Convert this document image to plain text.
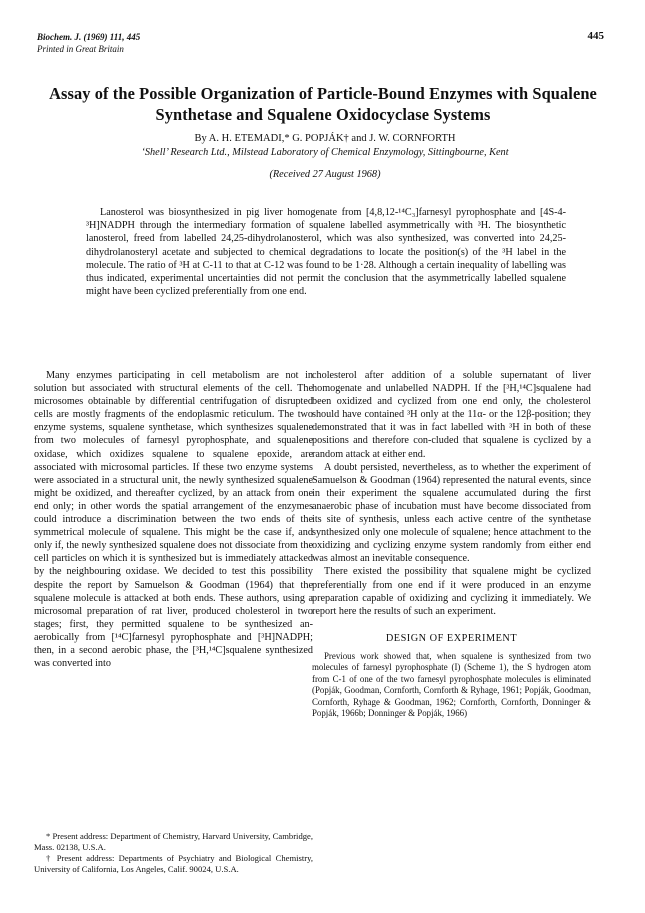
Biochem. J. (1969) 111, 445
Printed in Great Britain
445
Assay of the Possible Organization of Particle-Bound Enzymes with Squalene Synthetase and Squalene Oxidocyclase Systems
By A. H. ETEMADI,* G. POPJÁK† and J. W. CORNFORTH
‘Shell’ Research Ltd., Milstead Laboratory of Chemical Enzymology, Sittingbourne, Kent
(Received 27 August 1968)

Lanosterol was biosynthesized in pig liver homogenate from [4,8,12-¹⁴C₃]farnesyl pyrophosphate and [4S-4-³H]NADPH through the intermediary formation of squalene labelled asymmetrically with ³H. The biosynthetic lanosterol, freed from labelled 24,25-dihydrolanosterol, which was also synthesized, was converted into 24,25-dihydrolanosteryl acetate and subjected to chemical degradations to locate the position(s) of the ³H label in the molecule. The ratio of ³H at C-11 to that at C-12 was found to be 1·28. Although a certain inequality of labelling was thus indicated, experimental uncertainties did not permit the conclusion that the asymmetrically labelled squalene might have been cyclized preferentially from one end.

Many enzymes participating in cell metabolism are not in solution but associated with structural elements of the cell. The microsomes obtainable by differential centrifugation of disrupted cells are mostly fragments of the endoplasmic reticulum. The two enzyme systems, squalene synthetase, which synthesizes squalene from two molecules of farnesyl pyrophosphate, and squalene oxidase, which oxidizes squalene to squalene epoxide, are associated with microsomal particles. If these two enzyme systems were associated in a structural unit, the newly synthesized squalene might be oxidized, and thereafter cyclized, by an attack from one end only; in other words the spatial arrangement of the enzymes could introduce a discrimination between the two ends of the symmetrical molecule of squalene. This might be the case if, and only if, the newly synthesized squalene does not dissociate from the cell particles on which it is synthesized but is immediately attacked by the neighbouring oxidase. We decided to test this possibility despite the report by Samuelson & Goodman (1964) that the squalene molecule is attacked at both ends. These authors, using a microsomal preparation of rat liver, produced cholesterol in two stages; first, they permitted squalene to be synthesized an-aerobically from [¹⁴C]farnesyl pyrophosphate and [³H]NADPH; then, in a second aerobic phase, the [³H,¹⁴C]squalene synthesized was converted into

* Present address: Department of Chemistry, Harvard University, Cambridge, Mass. 02138, U.S.A.

† Present address: Departments of Psychiatry and Biological Chemistry, University of California, Los Angeles, Calif. 90024, U.S.A.

cholesterol after addition of a soluble supernatant of liver homogenate and unlabelled NADPH. If the [³H,¹⁴C]squalene had been oxidized and cyclized from one end only, the cholesterol should have contained ³H only at the 11α- or the 12β-position; they demonstrated that it was in fact labelled with ³H in both of these positions and therefore con-cluded that squalene is cyclized by a random attack at either end.

A doubt persisted, nevertheless, as to whether the experiment of Samuelson & Goodman (1964) represented the natural events, since in their experiment the squalene accumulated during the first anaerobic phase of incubation must have become dissociated from its site of synthesis, unless each active centre of the synthetase synthesized only one molecule of squalene; hence attachment to the oxidizing and cyclizing enzyme system randomly from either end was almost an inevitable consequence.

There existed the possibility that squalene might be cyclized preferentially from one end if it were produced in an enzyme preparation capable of oxidizing and cyclizing it immediately. We report here the results of such an experiment.

DESIGN OF EXPERIMENT

Previous work showed that, when squalene is synthesized from two molecules of farnesyl pyrophosphate (I) (Scheme 1), the S hydrogen atom from C-1 of one of the two farnesyl pyrophosphate molecules is eliminated (Popják, Goodman, Cornforth, Cornforth & Ryhage, 1961; Popják, Goodman, Cornforth, Ryhage & Goodman, 1962; Cornforth, Cornforth, Donninger & Popják, 1966b; Donninger & Popják, 1966)
